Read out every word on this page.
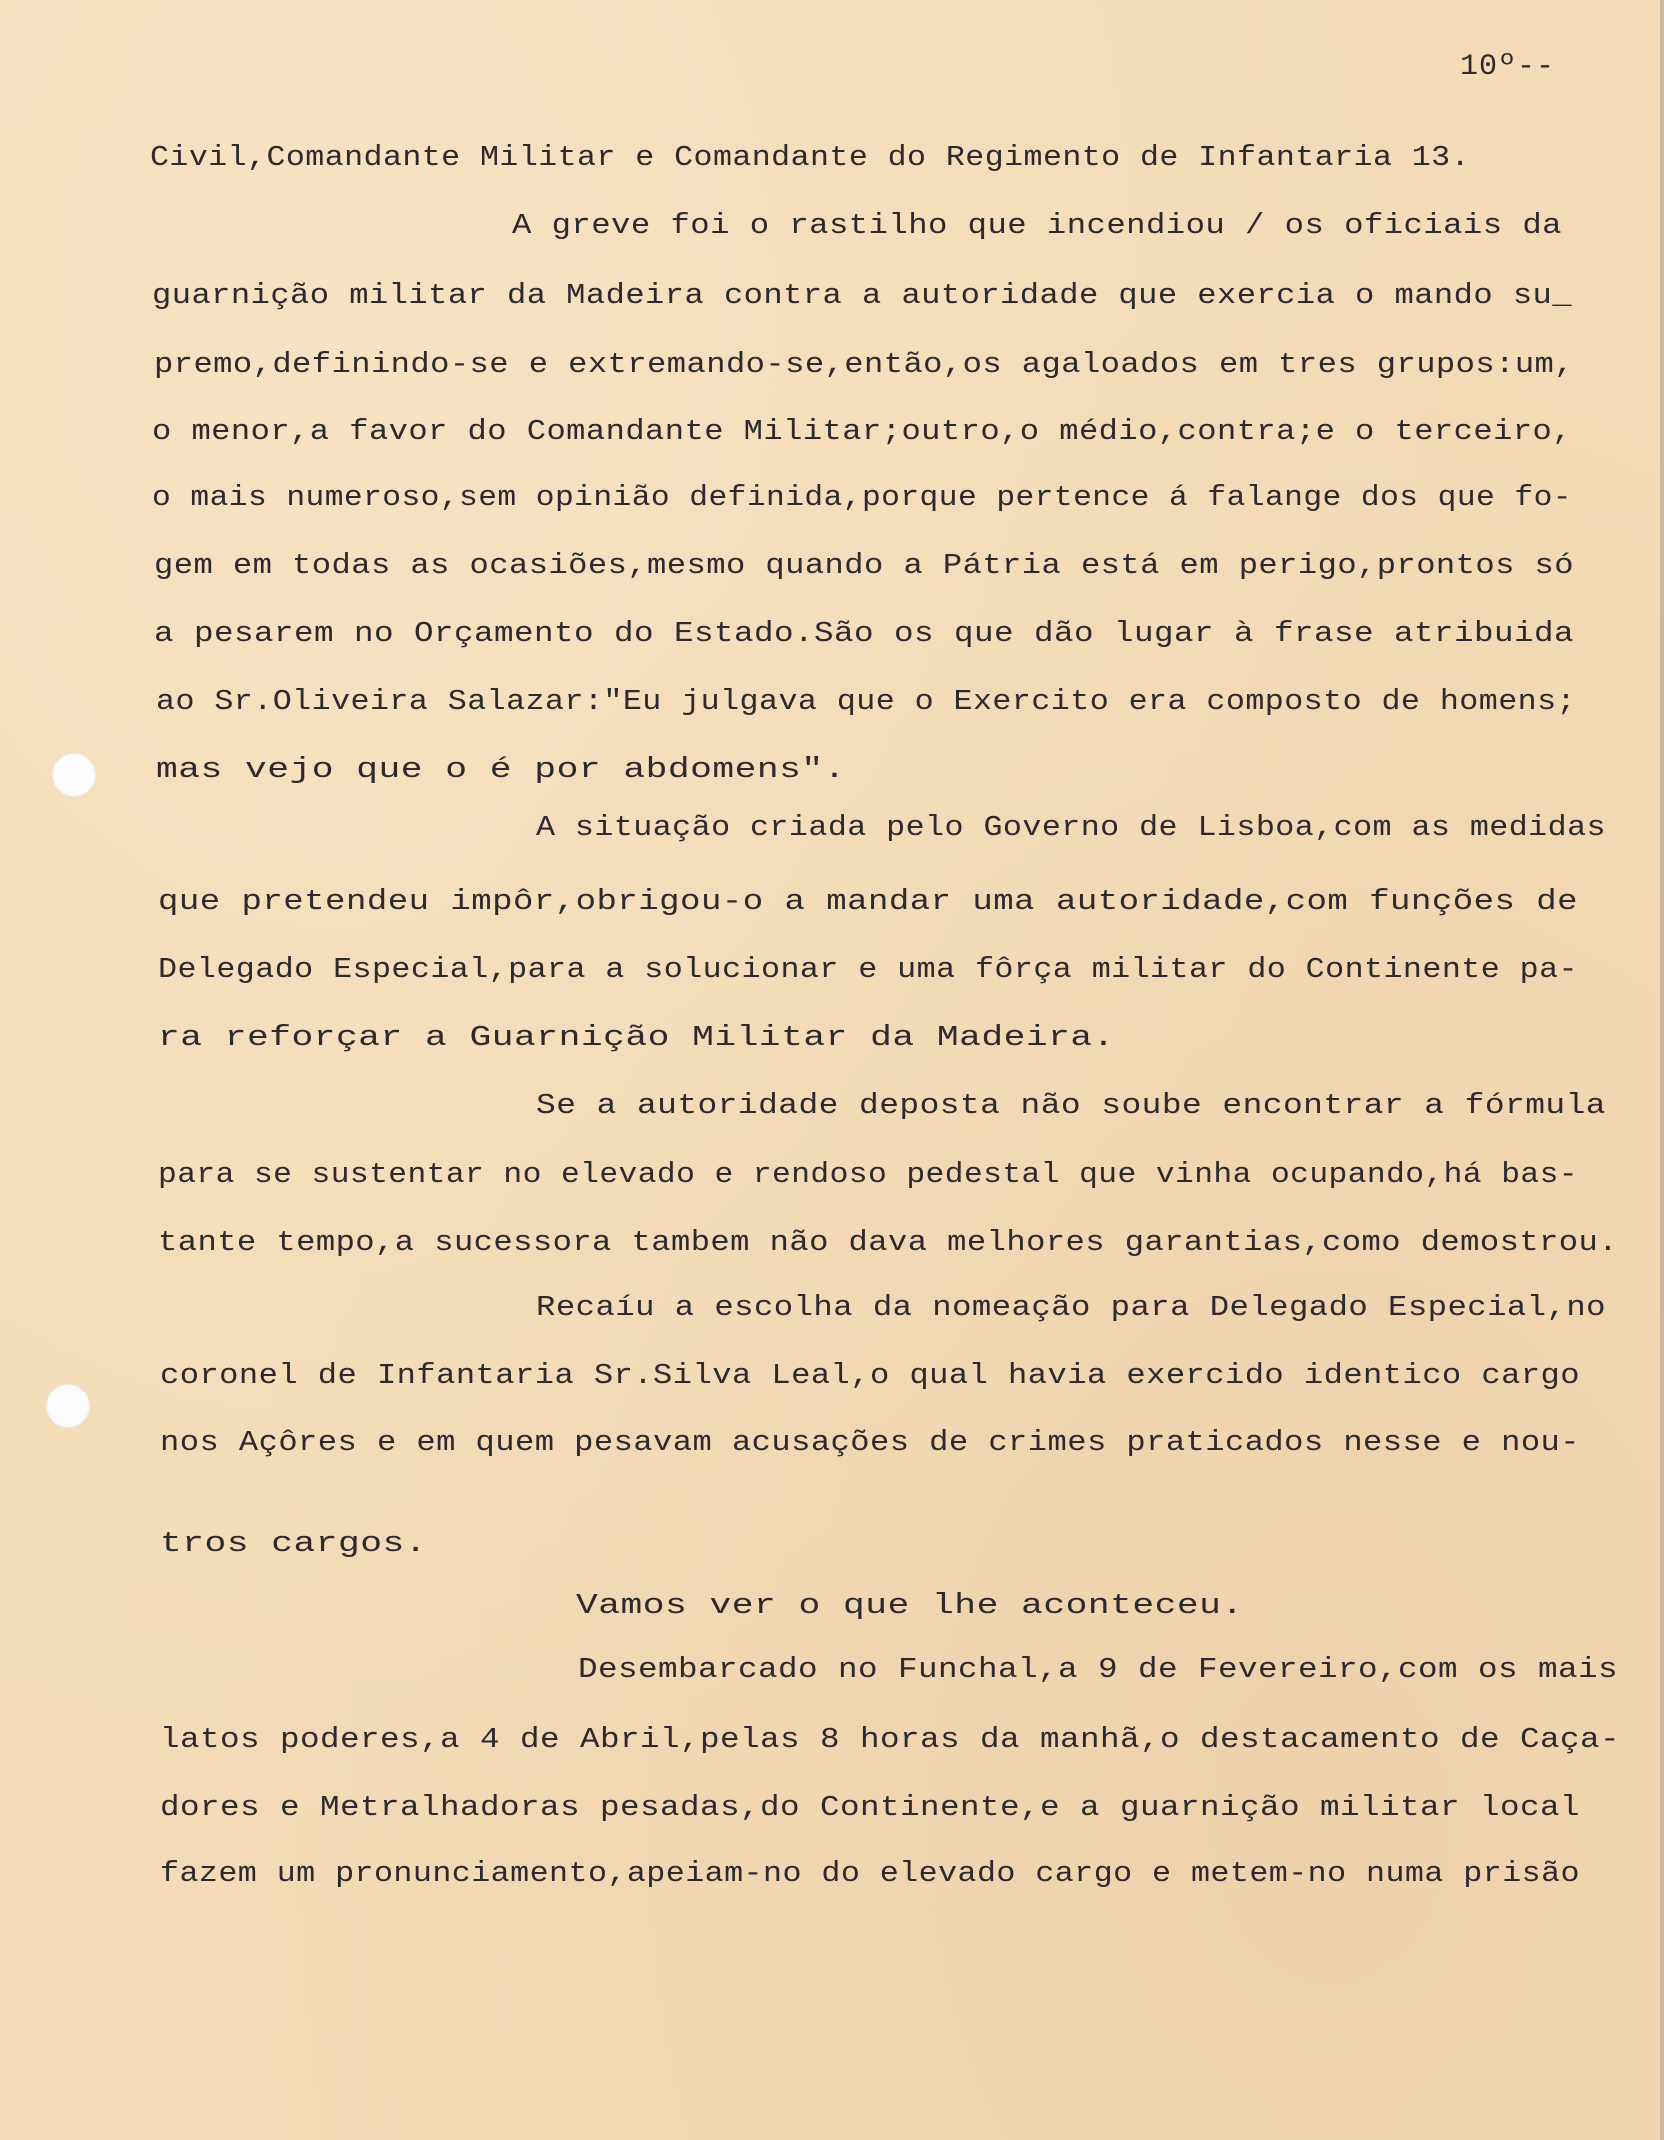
10º--
Civil,Comandante Militar e Comandante do Regimento de Infantaria 13.
A greve foi o rastilho que incendiou / os oficiais da
guarnição militar da Madeira contra a autoridade que exercia o mando su_
premo,definindo-se e extremando-se,então,os agaloados em tres grupos:um,
o menor,a favor do Comandante Militar;outro,o médio,contra;e o terceiro,
o mais numeroso,sem opinião definida,porque pertence á falange dos que fo-
gem em todas as ocasiões,mesmo quando a Pátria está em perigo,prontos só
a pesarem no Orçamento do Estado.São os que dão lugar à frase atribuida
ao Sr.Oliveira Salazar:"Eu julgava que o Exercito era composto de homens;
mas vejo que o é por abdomens".
A situação criada pelo Governo de Lisboa,com as medidas
que pretendeu impôr,obrigou-o a mandar uma autoridade,com funções de
Delegado Especial,para a solucionar e uma fôrça militar do Continente pa-
ra reforçar a Guarnição Militar da Madeira.
Se a autoridade deposta não soube encontrar a fórmula
para se sustentar no elevado e rendoso pedestal que vinha ocupando,há bas-
tante tempo,a sucessora tambem não dava melhores garantias,como demostrou.
Recaíu a escolha da nomeação para Delegado Especial,no
coronel de Infantaria Sr.Silva Leal,o qual havia exercido identico cargo
nos Açôres e em quem pesavam acusações de crimes praticados nesse e nou-
tros cargos.
Vamos ver o que lhe aconteceu.
Desembarcado no Funchal,a 9 de Fevereiro,com os mais
latos poderes,a 4 de Abril,pelas 8 horas da manhã,o destacamento de Caça-
dores e Metralhadoras pesadas,do Continente,e a guarnição militar local
fazem um pronunciamento,apeiam-no do elevado cargo e metem-no numa prisão
